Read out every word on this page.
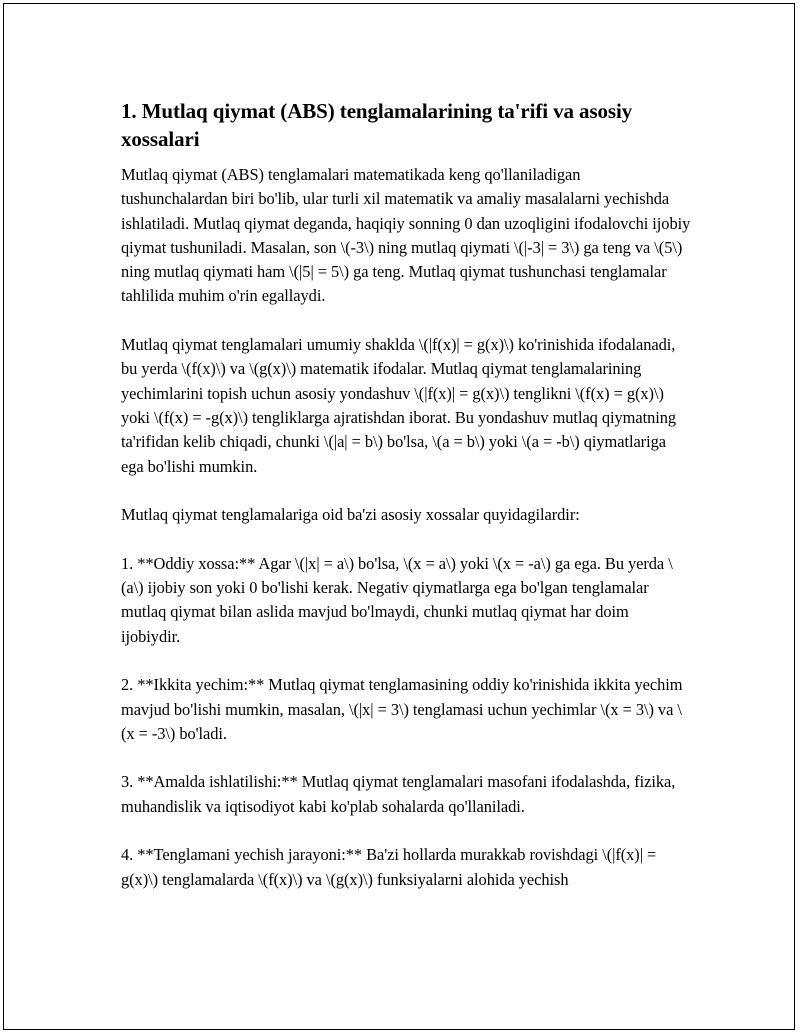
1. Mutlaq qiymat (ABS) tenglamalarining ta'rifi va asosiy xossalari

Mutlaq qiymat (ABS) tenglamalari matematikada keng qo'llaniladigan tushunchalardan biri bo'lib, ular turli xil matematik va amaliy masalalarni yechishda ishlatiladi. Mutlaq qiymat deganda, haqiqiy sonning 0 dan uzoqligini ifodalovchi ijobiy qiymat tushuniladi. Masalan, son \(-3\) ning mutlaq qiymati \(|-3| = 3\) ga teng va \(5\) ning mutlaq qiymati ham \(|5| = 5\) ga teng. Mutlaq qiymat tushunchasi tenglamalar tahlilida muhim o'rin egallaydi.

Mutlaq qiymat tenglamalari umumiy shaklda \(|f(x)| = g(x)\) ko'rinishida ifodalanadi, bu yerda \(f(x)\) va \(g(x)\) matematik ifodalar. Mutlaq qiymat tenglamalarining yechimlarini topish uchun asosiy yondashuv \(|f(x)| = g(x)\) tenglikni \(f(x) = g(x)\) yoki \(f(x) = -g(x)\) tengliklarga ajratishdan iborat. Bu yondashuv mutlaq qiymatning ta'rifidan kelib chiqadi, chunki \(|a| = b\) bo'lsa, \(a = b\) yoki \(a = -b\) qiymatlariga ega bo'lishi mumkin.

Mutlaq qiymat tenglamalariga oid ba'zi asosiy xossalar quyidagilardir:

1. **Oddiy xossa:** Agar \(|x| = a\) bo'lsa, \(x = a\) yoki \(x = -a\) ga ega. Bu yerda \(a\) ijobiy son yoki 0 bo'lishi kerak. Negativ qiymatlarga ega bo'lgan tenglamalar mutlaq qiymat bilan aslida mavjud bo'lmaydi, chunki mutlaq qiymat har doim ijobiydir.

2. **Ikkita yechim:** Mutlaq qiymat tenglamasining oddiy ko'rinishida ikkita yechim mavjud bo'lishi mumkin, masalan, \(|x| = 3\) tenglamasi uchun yechimlar \(x = 3\) va \(x = -3\) bo'ladi.

3. **Amalda ishlatilishi:** Mutlaq qiymat tenglamalari masofani ifodalashda, fizika, muhandislik va iqtisodiyot kabi ko'plab sohalarda qo'llaniladi.

4. **Tenglamani yechish jarayoni:** Ba'zi hollarda murakkab rovishdagi \(|f(x)| = g(x)\) tenglamalarda \(f(x)\) va \(g(x)\) funksiyalarni alohida yechish
